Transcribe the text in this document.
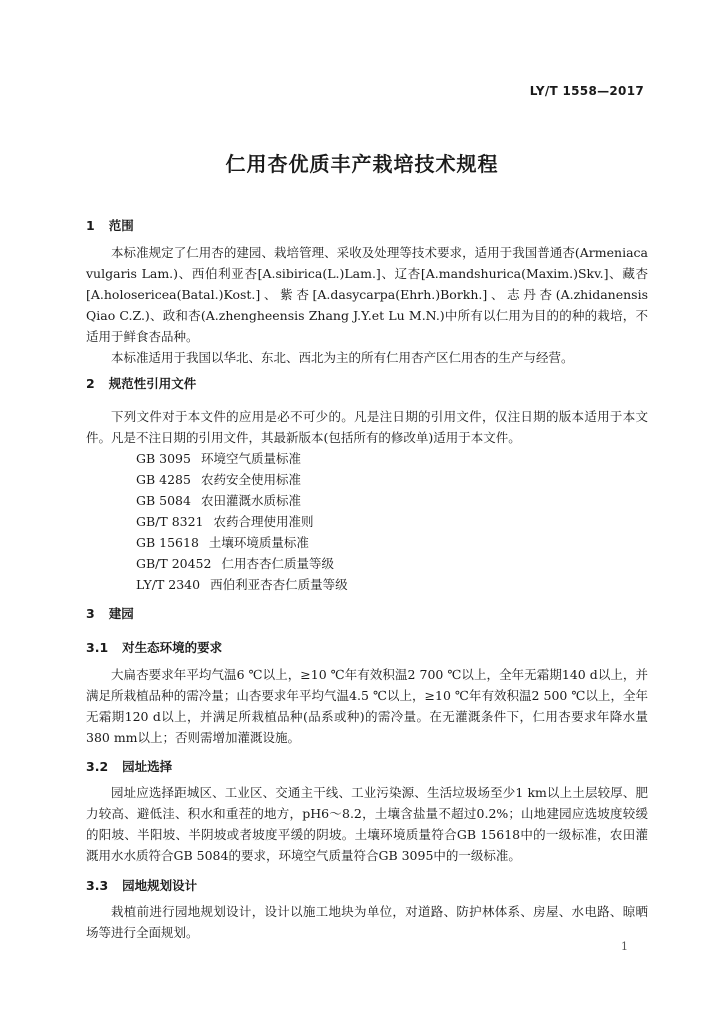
LY/T 1558—2017
仁用杏优质丰产栽培技术规程
1 范围

本标准规定了仁用杏的建园、栽培管理、采收及处理等技术要求，适用于我国普通杏(Armeniaca vulgaris Lam.)、西伯利亚杏[A.sibirica(L.)Lam.]、辽杏[A.mandshurica(Maxim.)Skv.]、藏杏[A.holosericea(Batal.)Kost.]、紫杏[A.dasycarpa(Ehrh.)Borkh.]、志丹杏(A.zhidanensis Qiao C.Z.)、政和杏(A.zhengheensis Zhang J.Y.et Lu M.N.)中所有以仁用为目的的种的栽培，不适用于鲜食杏品种。

本标准适用于我国以华北、东北、西北为主的所有仁用杏产区仁用杏的生产与经营。

2 规范性引用文件

下列文件对于本文件的应用是必不可少的。凡是注日期的引用文件，仅注日期的版本适用于本文件。凡是不注日期的引用文件，其最新版本(包括所有的修改单)适用于本文件。

GB 3095 环境空气质量标准

GB 4285 农药安全使用标准

GB 5084 农田灌溉水质标准

GB/T 8321 农药合理使用准则

GB 15618 土壤环境质量标准

GB/T 20452 仁用杏杏仁质量等级

LY/T 2340 西伯利亚杏杏仁质量等级

3 建园
3.1 对生态环境的要求

大扁杏要求年平均气温6 ℃以上，≥10 ℃年有效积温2 700 ℃以上，全年无霜期140 d以上，并满足所栽植品种的需冷量；山杏要求年平均气温4.5 ℃以上，≥10 ℃年有效积温2 500 ℃以上，全年无霜期120 d以上，并满足所栽植品种(品系或种)的需冷量。在无灌溉条件下，仁用杏要求年降水量380 mm以上；否则需增加灌溉设施。

3.2 园址选择

园址应选择距城区、工业区、交通主干线、工业污染源、生活垃圾场至少1 km以上土层较厚、肥力较高、避低洼、积水和重茬的地方，pH6～8.2，土壤含盐量不超过0.2%；山地建园应选坡度较缓的阳坡、半阳坡、半阴坡或者坡度平缓的阴坡。土壤环境质量符合GB 15618中的一级标准，农田灌溉用水水质符合GB 5084的要求，环境空气质量符合GB 3095中的一级标准。

3.3 园地规划设计

栽植前进行园地规划设计，设计以施工地块为单位，对道路、防护林体系、房屋、水电路、晾晒场等进行全面规划。

1
